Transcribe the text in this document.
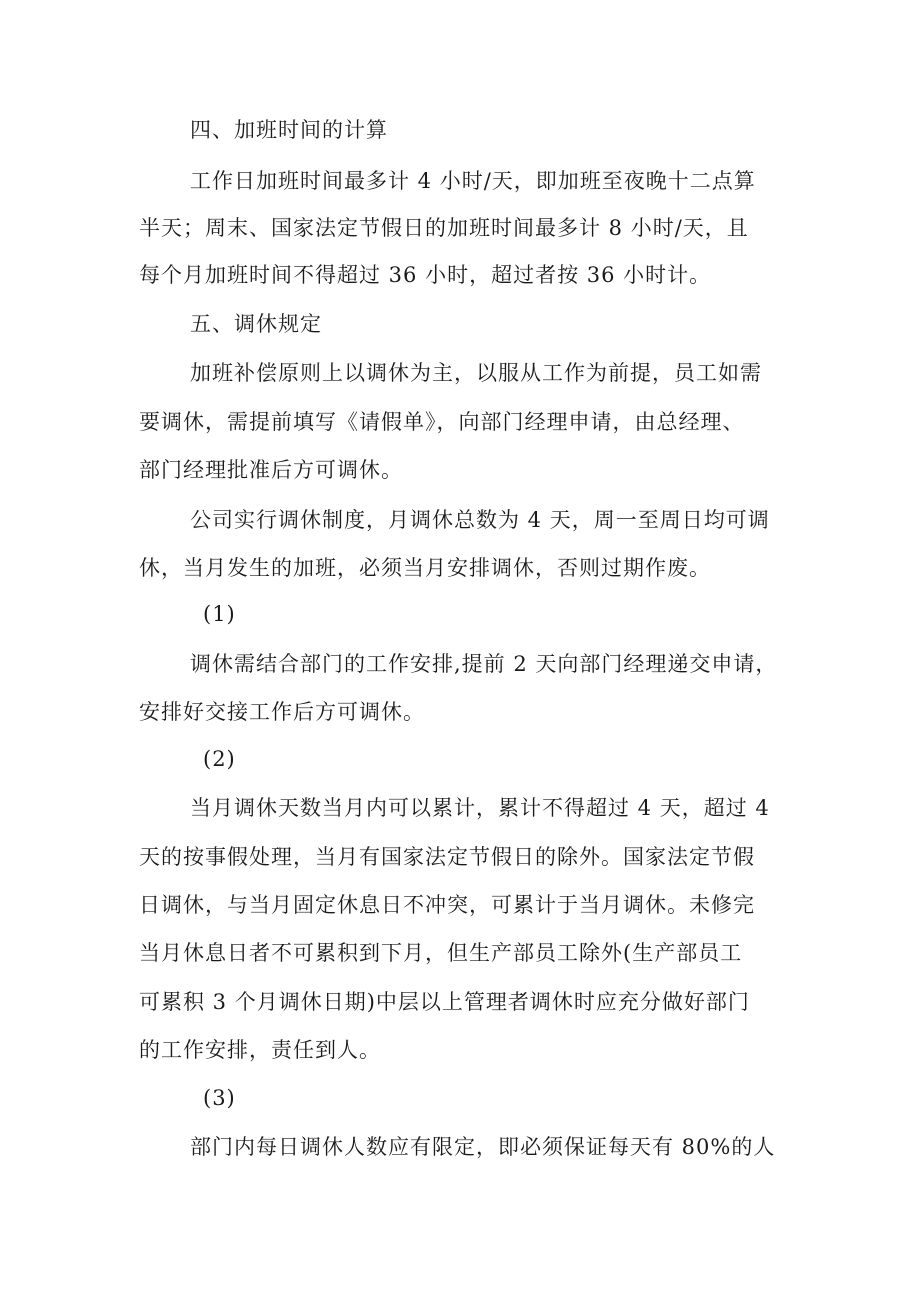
四、加班时间的计算
工作日加班时间最多计 4 小时/天，即加班至夜晚十二点算
半天；周末、国家法定节假日的加班时间最多计 8 小时/天，且
每个月加班时间不得超过 36 小时，超过者按 36 小时计。
五、调休规定
加班补偿原则上以调休为主，以服从工作为前提，员工如需
要调休，需提前填写《请假单》，向部门经理申请，由总经理、
部门经理批准后方可调休。
公司实行调休制度，月调休总数为 4 天，周一至周日均可调
休，当月发生的加班，必须当月安排调休，否则过期作废。
(1)
调休需结合部门的工作安排,提前 2 天向部门经理递交申请，
安排好交接工作后方可调休。
(2)
当月调休天数当月内可以累计，累计不得超过 4 天，超过 4
天的按事假处理，当月有国家法定节假日的除外。国家法定节假
日调休，与当月固定休息日不冲突，可累计于当月调休。未修完
当月休息日者不可累积到下月，但生产部员工除外(生产部员工
可累积 3 个月调休日期)中层以上管理者调休时应充分做好部门
的工作安排，责任到人。
(3)
部门内每日调休人数应有限定，即必须保证每天有 80%的人
